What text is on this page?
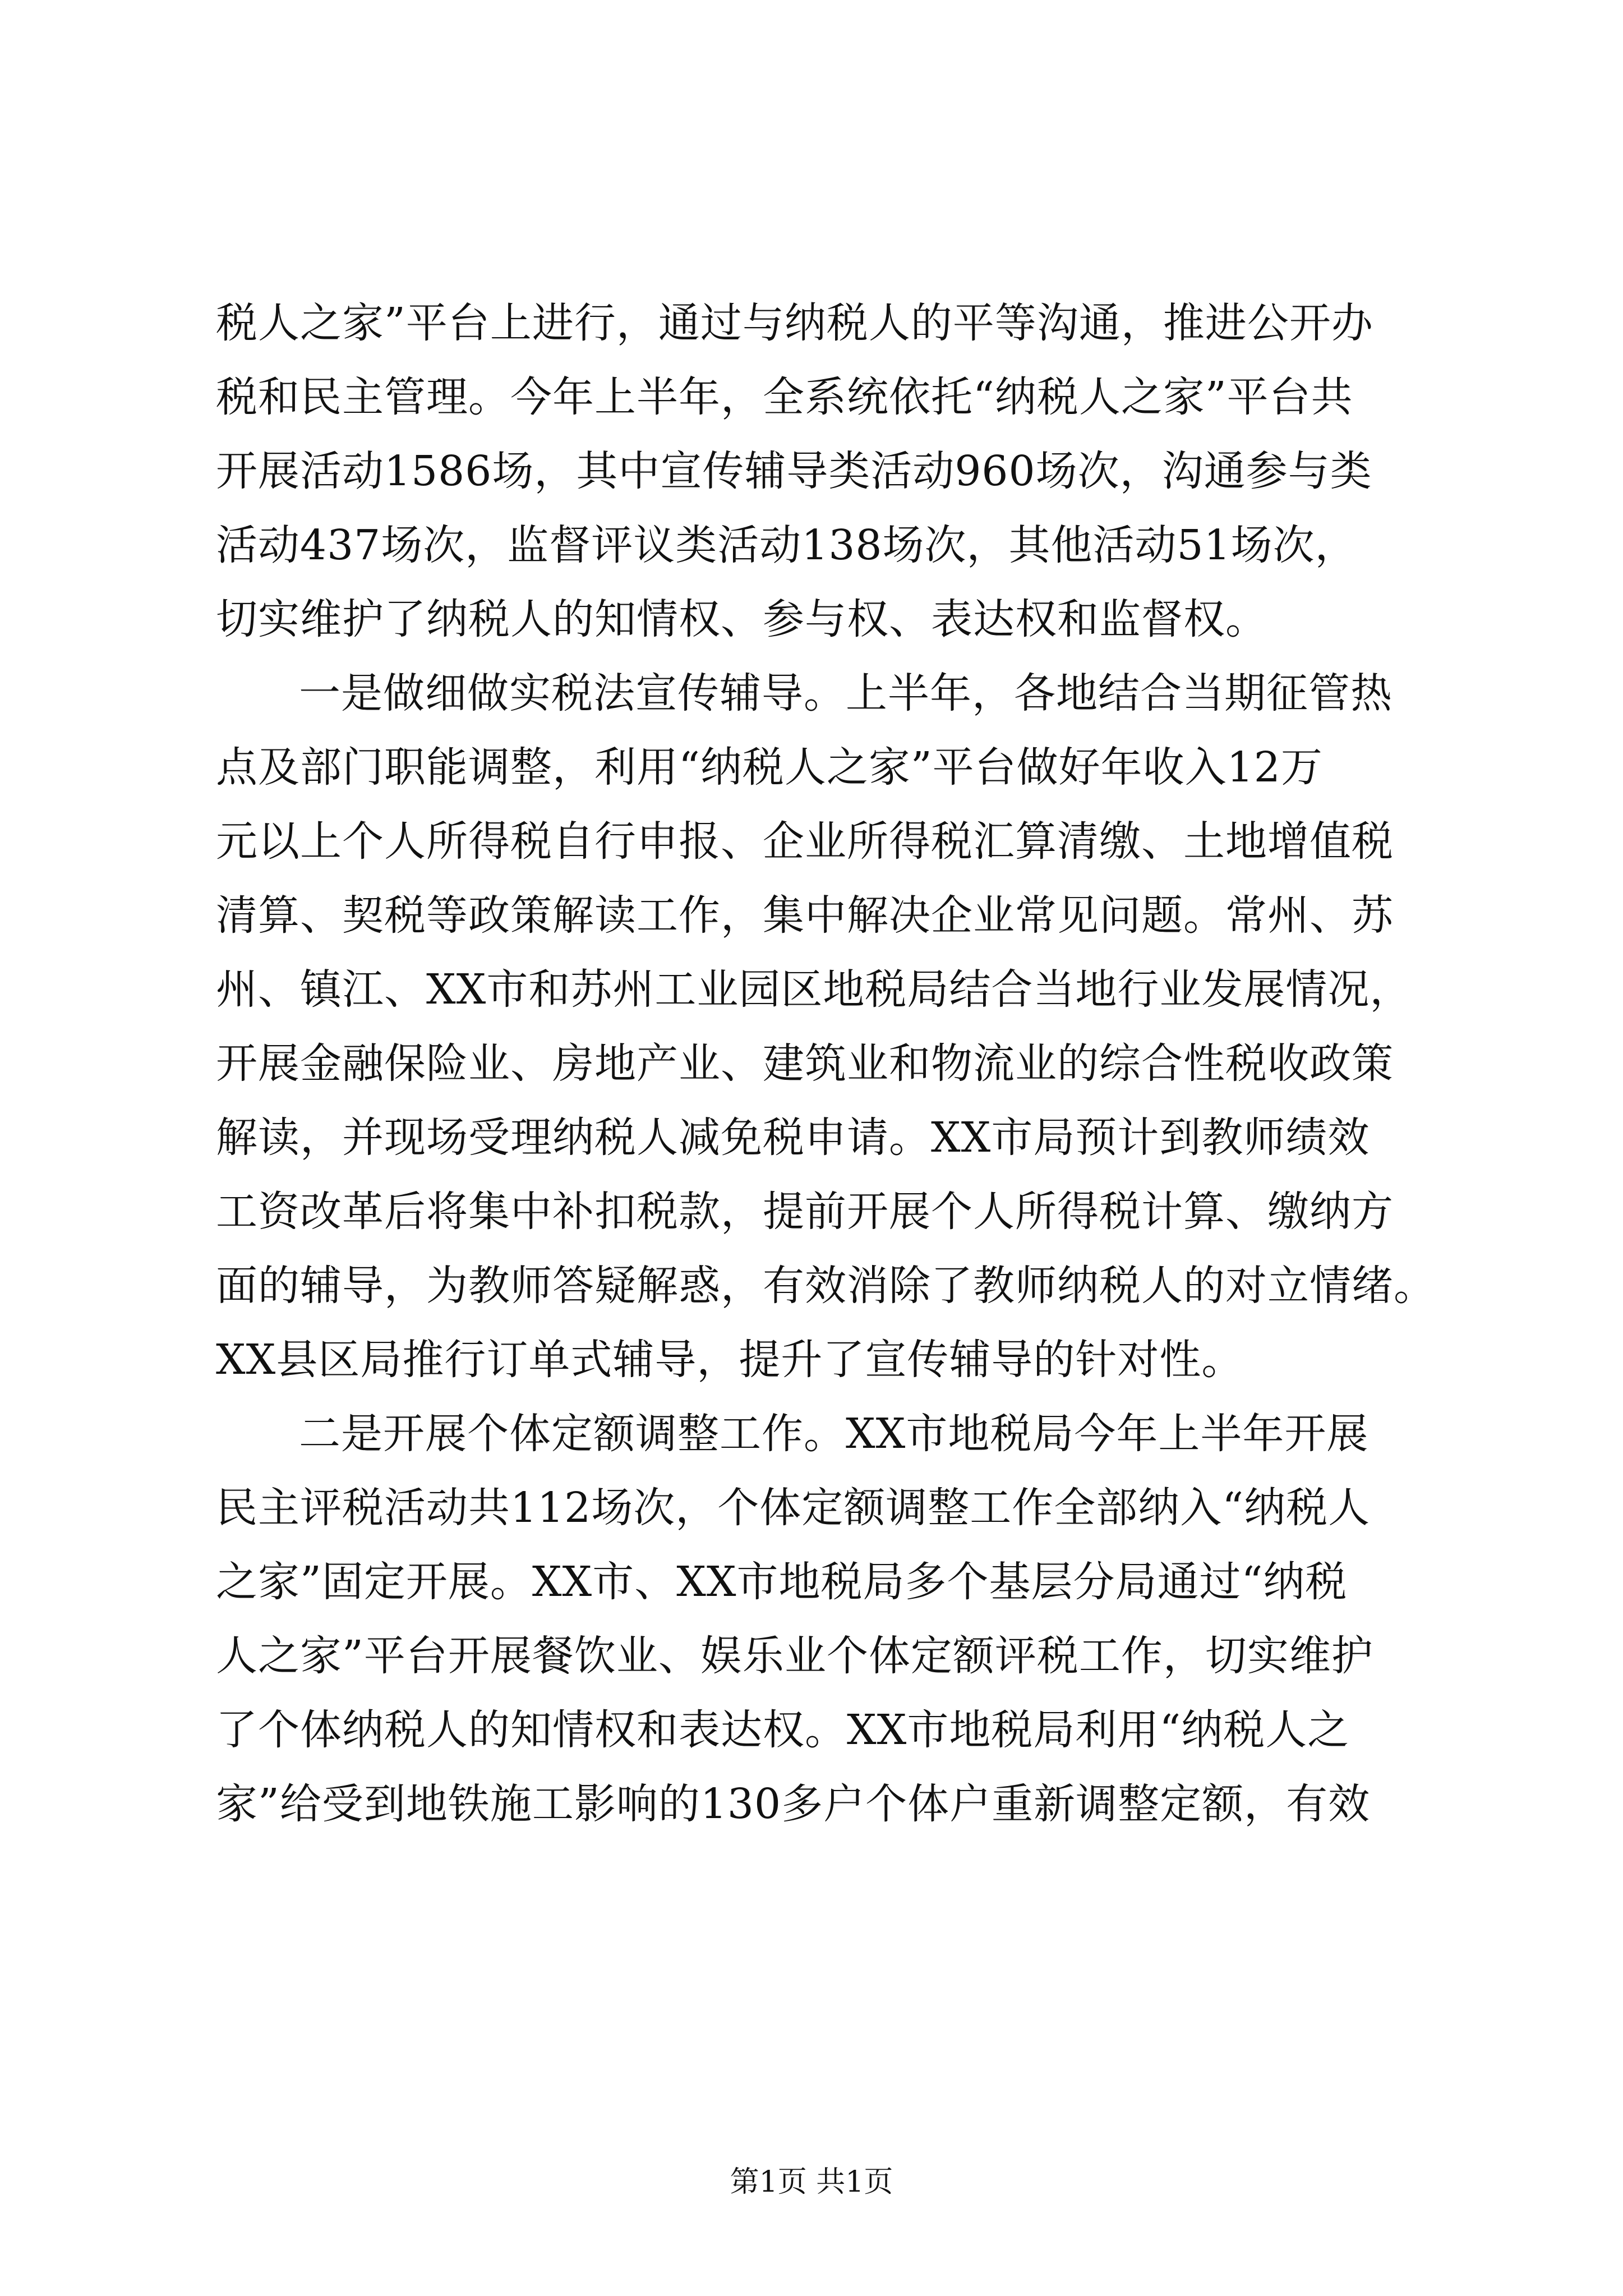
税人之家”平台上进行，通过与纳税人的平等沟通，推进公开办
税和民主管理。今年上半年，全系统依托“纳税人之家”平台共
开展活动1586场，其中宣传辅导类活动960场次，沟通参与类
活动437场次，监督评议类活动138场次，其他活动51场次，
切实维护了纳税人的知情权、参与权、表达权和监督权。
一是做细做实税法宣传辅导。上半年，各地结合当期征管热
点及部门职能调整，利用“纳税人之家”平台做好年收入12万
元以上个人所得税自行申报、企业所得税汇算清缴、土地增值税
清算、契税等政策解读工作，集中解决企业常见问题。常州、苏
州、镇江、XX市和苏州工业园区地税局结合当地行业发展情况，
开展金融保险业、房地产业、建筑业和物流业的综合性税收政策
解读，并现场受理纳税人减免税申请。XX市局预计到教师绩效
工资改革后将集中补扣税款，提前开展个人所得税计算、缴纳方
面的辅导，为教师答疑解惑，有效消除了教师纳税人的对立情绪。
XX县区局推行订单式辅导，提升了宣传辅导的针对性。
二是开展个体定额调整工作。XX市地税局今年上半年开展
民主评税活动共112场次，个体定额调整工作全部纳入“纳税人
之家”固定开展。XX市、XX市地税局多个基层分局通过“纳税
人之家”平台开展餐饮业、娱乐业个体定额评税工作，切实维护
了个体纳税人的知情权和表达权。XX市地税局利用“纳税人之
家”给受到地铁施工影响的130多户个体户重新调整定额，有效
第1页 共1页
